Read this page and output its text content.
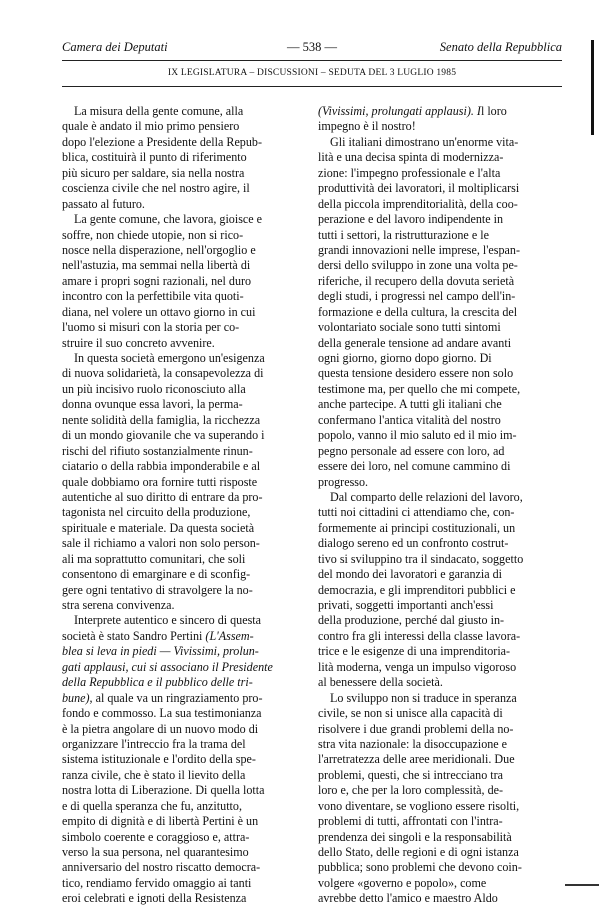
Camera dei Deputati	— 538 —	Senato della Repubblica
IX LEGISLATURA – DISCUSSIONI – SEDUTA DEL 3 LUGLIO 1985
La misura della gente comune, alla
quale è andato il mio primo pensiero
dopo l'elezione a Presidente della Repub-
blica, costituirà il punto di riferimento
più sicuro per saldare, sia nella nostra
coscienza civile che nel nostro agire, il
passato al futuro.
La gente comune, che lavora, gioisce e
soffre, non chiede utopie, non si rico-
nosce nella disperazione, nell'orgoglio e
nell'astuzia, ma semmai nella libertà di
amare i propri sogni razionali, nel duro
incontro con la perfettibile vita quoti-
diana, nel volere un ottavo giorno in cui
l'uomo si misuri con la storia per co-
struire il suo concreto avvenire.
In questa società emergono un'esigenza
di nuova solidarietà, la consapevolezza di
un più incisivo ruolo riconosciuto alla
donna ovunque essa lavori, la perma-
nente solidità della famiglia, la ricchezza
di un mondo giovanile che va superando i
rischi del rifiuto sostanzialmente rinun-
ciatario o della rabbia imponderabile e al
quale dobbiamo ora fornire tutti risposte
autentiche al suo diritto di entrare da pro-
tagonista nel circuito della produzione,
spirituale e materiale. Da questa società
sale il richiamo a valori non solo person-
ali ma soprattutto comunitari, che soli
consentono di emarginare e di sconfig-
gere ogni tentativo di stravolgere la no-
stra serena convivenza.
Interprete autentico e sincero di questa
società è stato Sandro Pertini (L'Assem-
blea si leva in piedi — Vivissimi, prolun-
gati applausi, cui si associano il Presidente
della Repubblica e il pubblico delle tri-
bune), al quale va un ringraziamento pro-
fondo e commosso. La sua testimonianza
è la pietra angolare di un nuovo modo di
organizzare l'intreccio fra la trama del
sistema istituzionale e l'ordito della spe-
ranza civile, che è stato il lievito della
nostra lotta di Liberazione. Di quella lotta
e di quella speranza che fu, anzitutto,
empito di dignità e di libertà Pertini è un
simbolo coerente e coraggioso e, attra-
verso la sua persona, nel quarantesimo
anniversario del nostro riscatto democra-
tico, rendiamo fervido omaggio ai tanti
eroi celebrati e ignoti della Resistenza
(Vivissimi, prolungati applausi). Il loro
impegno è il nostro!
Gli italiani dimostrano un'enorme vita-
lità e una decisa spinta di modernizza-
zione: l'impegno professionale e l'alta
produttività dei lavoratori, il moltiplicarsi
della piccola imprenditorialità, della coo-
perazione e del lavoro indipendente in
tutti i settori, la ristrutturazione e le
grandi innovazioni nelle imprese, l'espan-
dersi dello sviluppo in zone una volta pe-
riferiche, il recupero della dovuta serietà
degli studi, i progressi nel campo dell'in-
formazione e della cultura, la crescita del
volontariato sociale sono tutti sintomi
della generale tensione ad andare avanti
ogni giorno, giorno dopo giorno. Di
questa tensione desidero essere non solo
testimone ma, per quello che mi compete,
anche partecipe. A tutti gli italiani che
confermano l'antica vitalità del nostro
popolo, vanno il mio saluto ed il mio im-
pegno personale ad essere con loro, ad
essere dei loro, nel comune cammino di
progresso.
Dal comparto delle relazioni del lavoro,
tutti noi cittadini ci attendiamo che, con-
formemente ai principi costituzionali, un
dialogo sereno ed un confronto costrut-
tivo si sviluppino tra il sindacato, soggetto
del mondo dei lavoratori e garanzia di
democrazia, e gli imprenditori pubblici e
privati, soggetti importanti anch'essi
della produzione, perché dal giusto in-
contro fra gli interessi della classe lavora-
trice e le esigenze di una imprenditoria-
lità moderna, venga un impulso vigoroso
al benessere della società.
Lo sviluppo non si traduce in speranza
civile, se non si unisce alla capacità di
risolvere i due grandi problemi della no-
stra vita nazionale: la disoccupazione e
l'arretratezza delle aree meridionali. Due
problemi, questi, che si intrecciano tra
loro e, che per la loro complessità, de-
vono diventare, se vogliono essere risolti,
problemi di tutti, affrontati con l'intra-
prendenza dei singoli e la responsabilità
dello Stato, delle regioni e di ogni istanza
pubblica; sono problemi che devono coin-
volgere «governo e popolo», come
avrebbe detto l'amico e maestro Aldo
